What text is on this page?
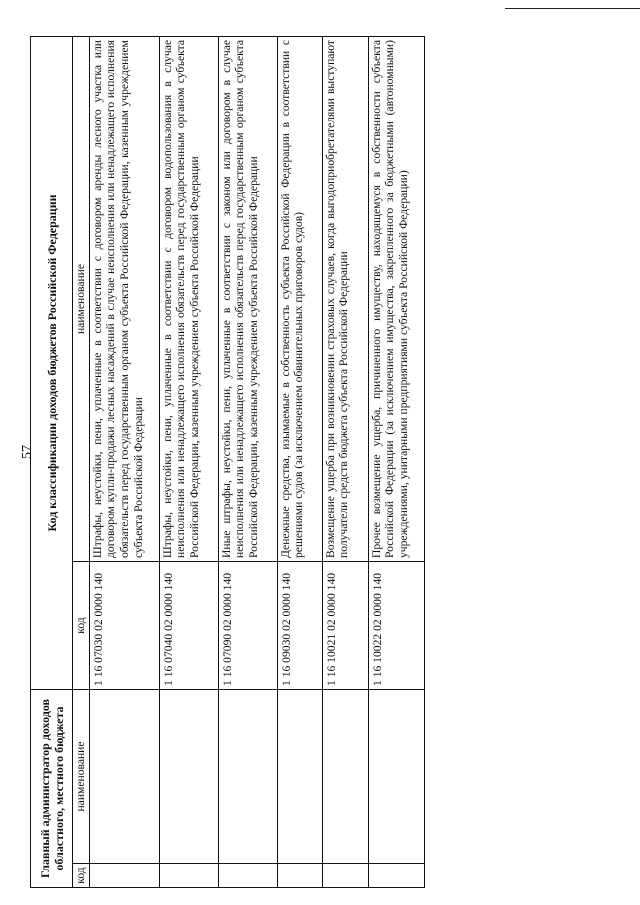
57
Главный администратор доходов областного, местного бюджета		Код классификации доходов бюджетов Российской Федерации	
код	наименование	код	наименование
		1 16 07030 02 0000 140	Штрафы, неустойки, пени, уплаченные в соответствии с договором аренды лесного участка или договором купли-продажи лесных насаждений в случае неисполнения или ненадлежащего исполнения обязательств перед государственным органом субъекта Российской Федерации, казенным учреждением субъекта Российской Федерации
		1 16 07040 02 0000 140	Штрафы, неустойки, пени, уплаченные в соответствии с договором водопользования в случае неисполнения или ненадлежащего исполнения обязательств перед государственным органом субъекта Российской Федерации, казенным учреждением субъекта Российской Федерации
		1 16 07090 02 0000 140	Иные штрафы, неустойки, пени, уплаченные в соответствии с законом или договором в случае неисполнения или ненадлежащего исполнения обязательств перед государственным органом субъекта Российской Федерации, казенным учреждением субъекта Российской Федерации
		1 16 09030 02 0000 140	Денежные средства, изымаемые в собственность субъекта Российской Федерации в соответствии с решениями судов (за исключением обвинительных приговоров судов)
		1 16 10021 02 0000 140	Возмещение ущерба при возникновении страховых случаев, когда выгодоприобретателями выступают получатели средств бюджета субъекта Российской Федерации
		1 16 10022 02 0000 140	Прочее возмещение ущерба, причиненного имуществу, находящемуся в собственности субъекта Российской Федерации (за исключением имущества, закрепленного за бюджетными (автономными) учреждениями, унитарными предприятиями субъекта Российской Федерации)
